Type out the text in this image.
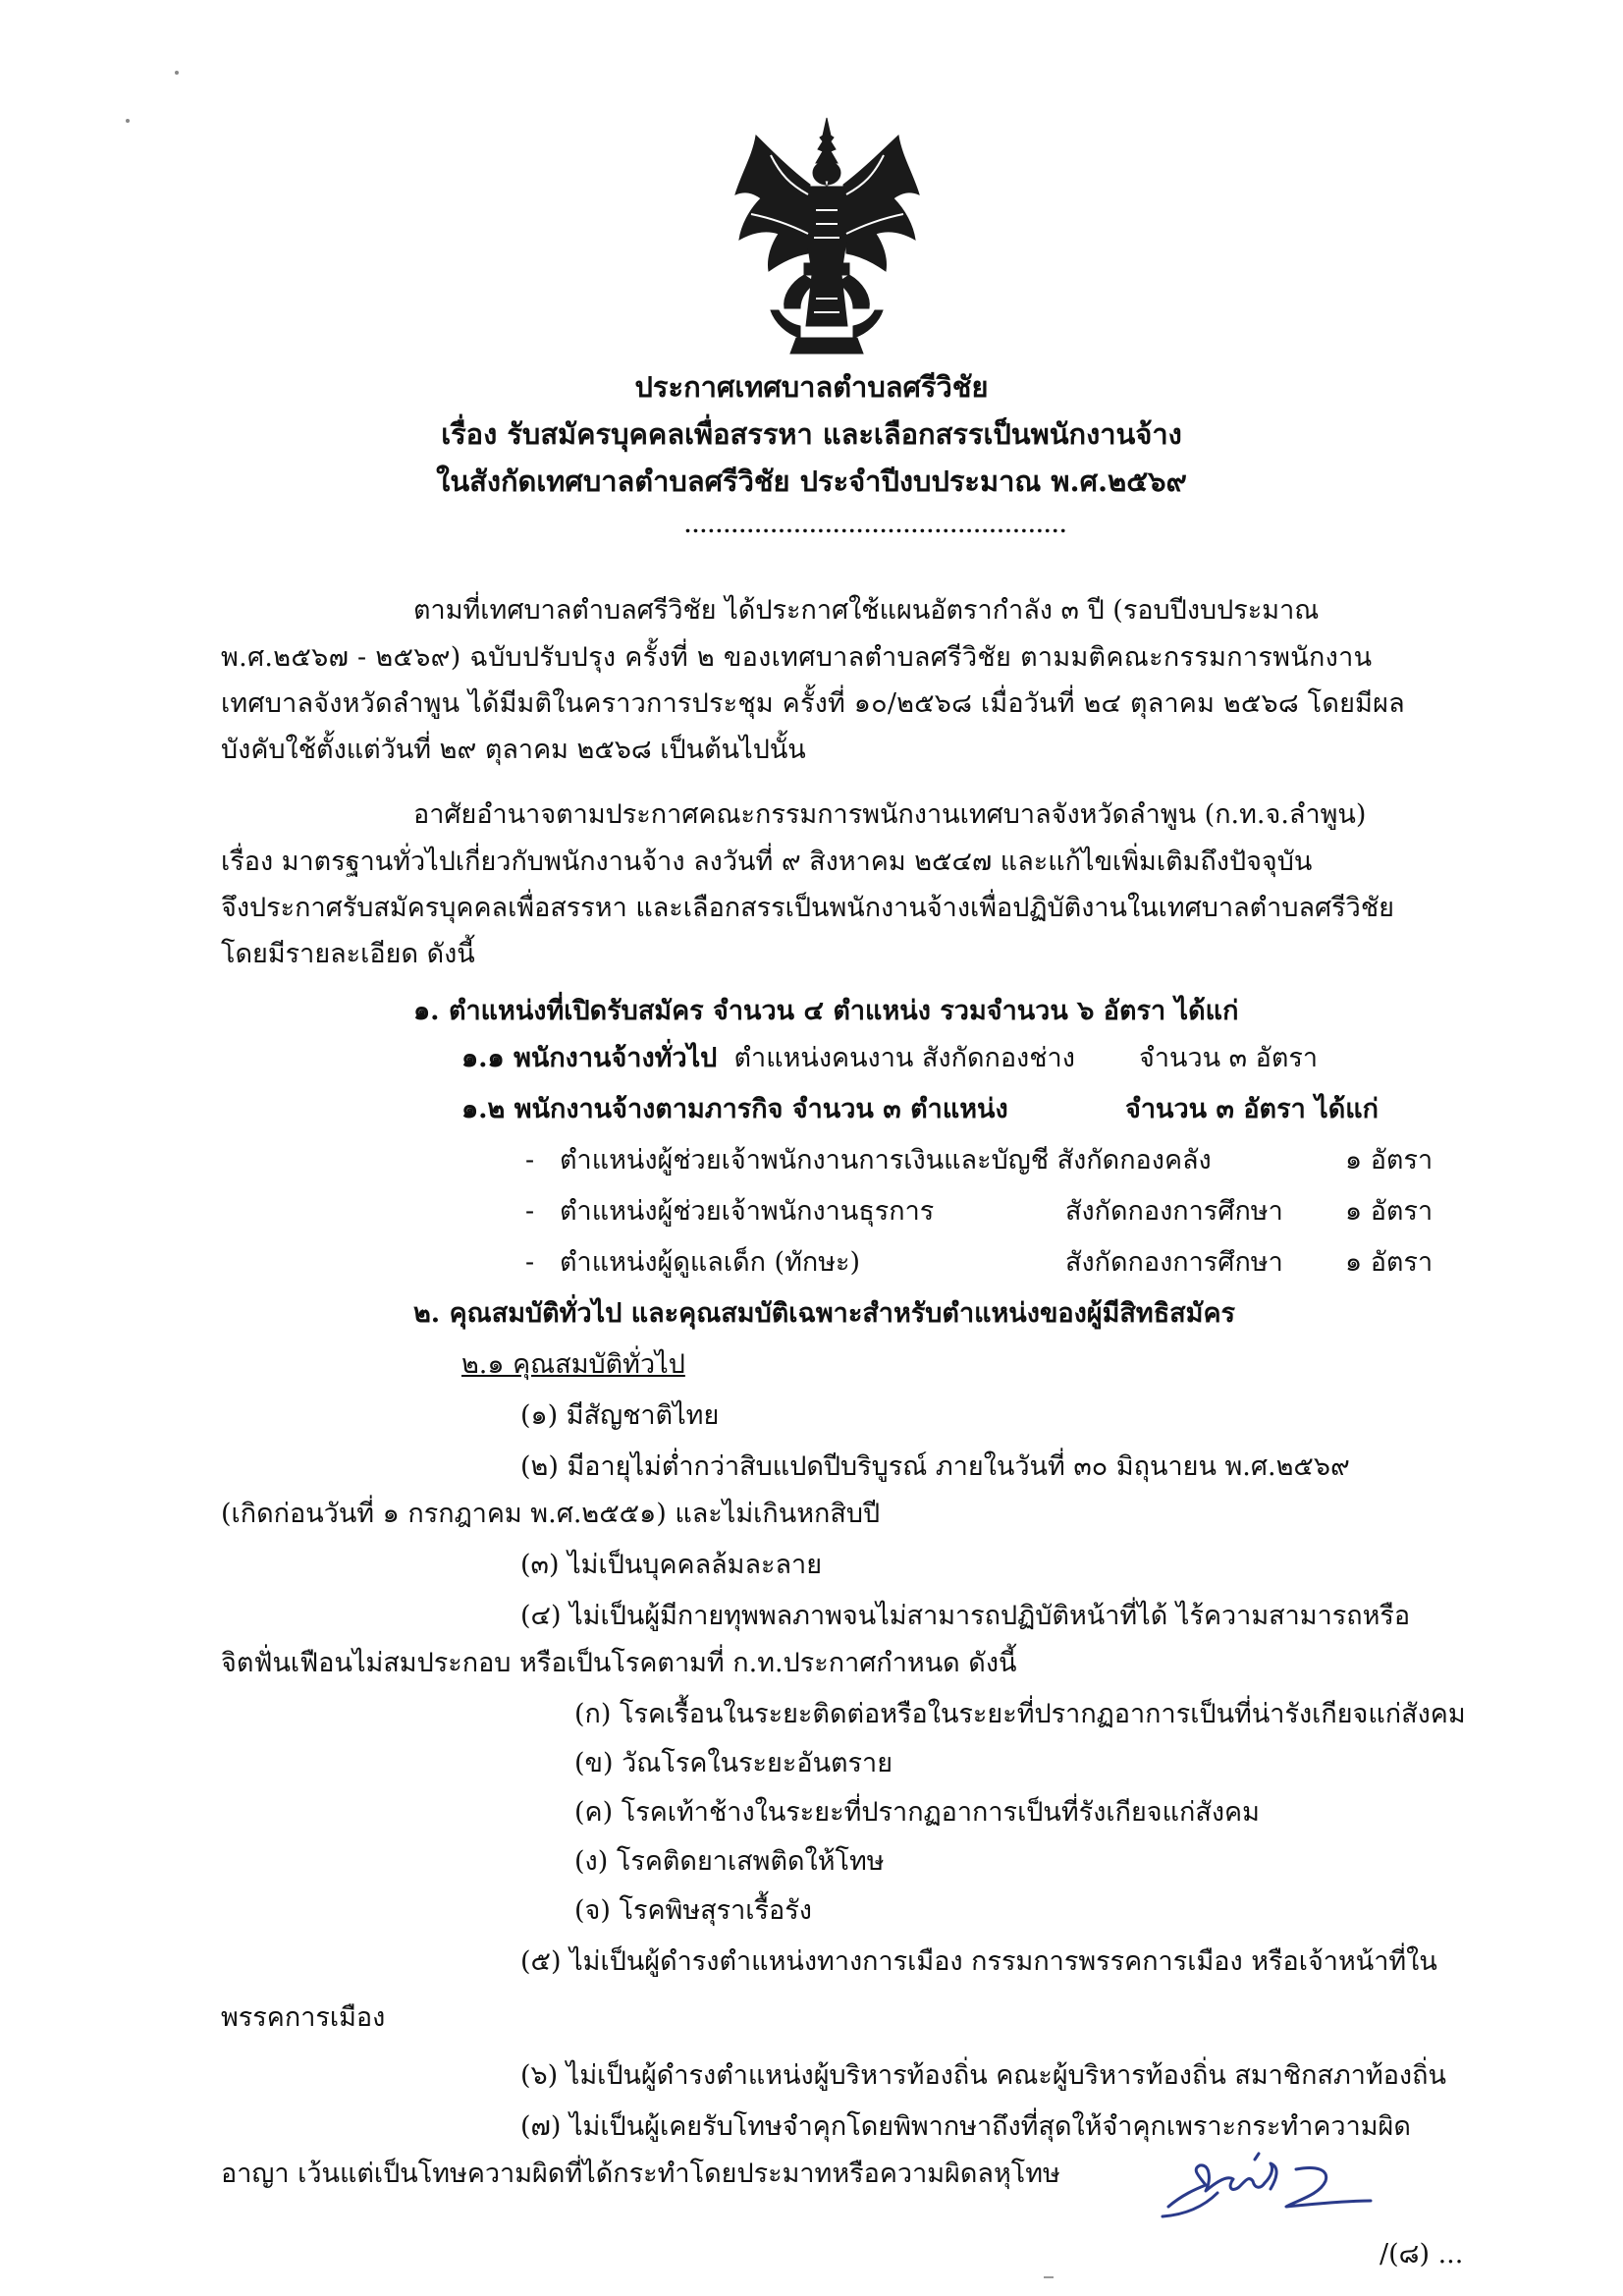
ประกาศเทศบาลตำบลศรีวิชัย
เรื่อง รับสมัครบุคคลเพื่อสรรหา และเลือกสรรเป็นพนักงานจ้าง
ในสังกัดเทศบาลตำบลศรีวิชัย ประจำปีงบประมาณ พ.ศ.๒๕๖๙
.................................................
ตามที่เทศบาลตำบลศรีวิชัย ได้ประกาศใช้แผนอัตรากำลัง ๓ ปี (รอบปีงบประมาณ
พ.ศ.๒๕๖๗ - ๒๕๖๙) ฉบับปรับปรุง ครั้งที่ ๒ ของเทศบาลตำบลศรีวิชัย ตามมติคณะกรรมการพนักงาน
เทศบาลจังหวัดลำพูน ได้มีมติในคราวการประชุม ครั้งที่ ๑๐/๒๕๖๘ เมื่อวันที่ ๒๔ ตุลาคม ๒๕๖๘ โดยมีผล
บังคับใช้ตั้งแต่วันที่ ๒๙ ตุลาคม ๒๕๖๘ เป็นต้นไปนั้น
อาศัยอำนาจตามประกาศคณะกรรมการพนักงานเทศบาลจังหวัดลำพูน (ก.ท.จ.ลำพูน)
เรื่อง มาตรฐานทั่วไปเกี่ยวกับพนักงานจ้าง ลงวันที่ ๙ สิงหาคม ๒๕๔๗ และแก้ไขเพิ่มเติมถึงปัจจุบัน
จึงประกาศรับสมัครบุคคลเพื่อสรรหา และเลือกสรรเป็นพนักงานจ้างเพื่อปฏิบัติงานในเทศบาลตำบลศรีวิชัย
โดยมีรายละเอียด ดังนี้
๑. ตำแหน่งที่เปิดรับสมัคร จำนวน ๔ ตำแหน่ง รวมจำนวน ๖ อัตรา ได้แก่
๑.๑ พนักงานจ้างทั่วไป ตำแหน่งคนงาน สังกัดกองช่าง จำนวน ๓ อัตรา
๑.๒ พนักงานจ้างตามภารกิจ จำนวน ๓ ตำแหน่ง	จำนวน ๓ อัตรา ได้แก่
- ตำแหน่งผู้ช่วยเจ้าพนักงานการเงินและบัญชี สังกัดกองคลัง	๑ อัตรา
- ตำแหน่งผู้ช่วยเจ้าพนักงานธุรการ	สังกัดกองการศึกษา ๑ อัตรา
- ตำแหน่งผู้ดูแลเด็ก (ทักษะ)	สังกัดกองการศึกษา ๑ อัตรา
๒. คุณสมบัติทั่วไป และคุณสมบัติเฉพาะสำหรับตำแหน่งของผู้มีสิทธิสมัคร
๒.๑ คุณสมบัติทั่วไป
(๑) มีสัญชาติไทย
(๒) มีอายุไม่ต่ำกว่าสิบแปดปีบริบูรณ์ ภายในวันที่ ๓๐ มิถุนายน พ.ศ.๒๕๖๙
(เกิดก่อนวันที่ ๑ กรกฎาคม พ.ศ.๒๕๕๑) และไม่เกินหกสิบปี
(๓) ไม่เป็นบุคคลล้มละลาย
(๔) ไม่เป็นผู้มีกายทุพพลภาพจนไม่สามารถปฏิบัติหน้าที่ได้ ไร้ความสามารถหรือ
จิตฟั่นเฟือนไม่สมประกอบ หรือเป็นโรคตามที่ ก.ท.ประกาศกำหนด ดังนี้
(ก) โรคเรื้อนในระยะติดต่อหรือในระยะที่ปรากฏอาการเป็นที่น่ารังเกียจแก่สังคม
(ข) วัณโรคในระยะอันตราย
(ค) โรคเท้าช้างในระยะที่ปรากฏอาการเป็นที่รังเกียจแก่สังคม
(ง) โรคติดยาเสพติดให้โทษ
(จ) โรคพิษสุราเรื้อรัง
(๕) ไม่เป็นผู้ดำรงตำแหน่งทางการเมือง กรรมการพรรคการเมือง หรือเจ้าหน้าที่ใน
พรรคการเมือง
(๖) ไม่เป็นผู้ดำรงตำแหน่งผู้บริหารท้องถิ่น คณะผู้บริหารท้องถิ่น สมาชิกสภาท้องถิ่น
(๗) ไม่เป็นผู้เคยรับโทษจำคุกโดยพิพากษาถึงที่สุดให้จำคุกเพราะกระทำความผิด
อาญา เว้นแต่เป็นโทษความผิดที่ได้กระทำโดยประมาทหรือความผิดลหุโทษ
/(๘) ...
